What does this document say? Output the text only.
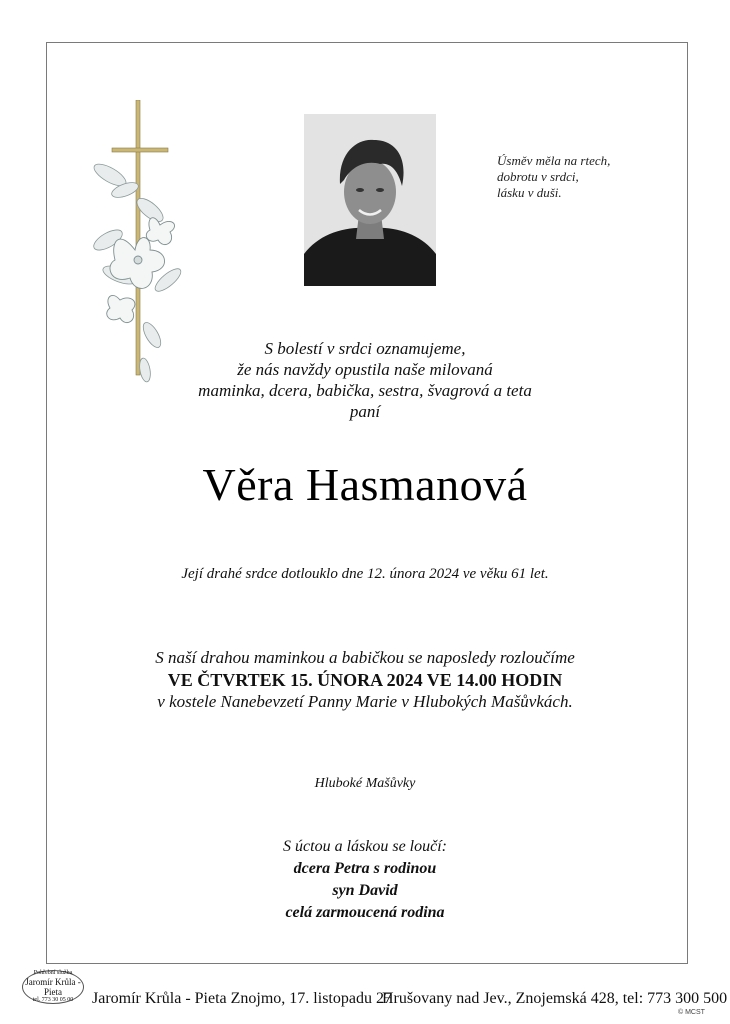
Úsměv měla na rtech,
dobrotu v srdci,
lásku v duši.
S bolestí v srdci oznamujeme,
že nás navždy opustila naše milovaná
maminka, dcera, babička, sestra, švagrová a teta
paní
Věra Hasmanová
Její drahé srdce dotlouklo dne 12. února 2024 ve věku 61 let.
S naší drahou maminkou a babičkou se naposledy rozloučíme
VE ČTVRTEK 15. ÚNORA 2024 VE 14.00 HODIN
v kostele Nanebevzetí Panny Marie v Hlubokých Mašůvkách.
Hluboké Mašůvky
S úctou a láskou se loučí:
dcera Petra s rodinou
syn David
celá zarmoucená rodina
Pohřební služba
Jaromír Krůla - Pieta
tel. 773 30 05 00 Jaromír Krůla - Pieta Znojmo, 17. listopadu 27
Hrušovany nad Jev., Znojemská 428, tel: 773 300 500
© MCST
